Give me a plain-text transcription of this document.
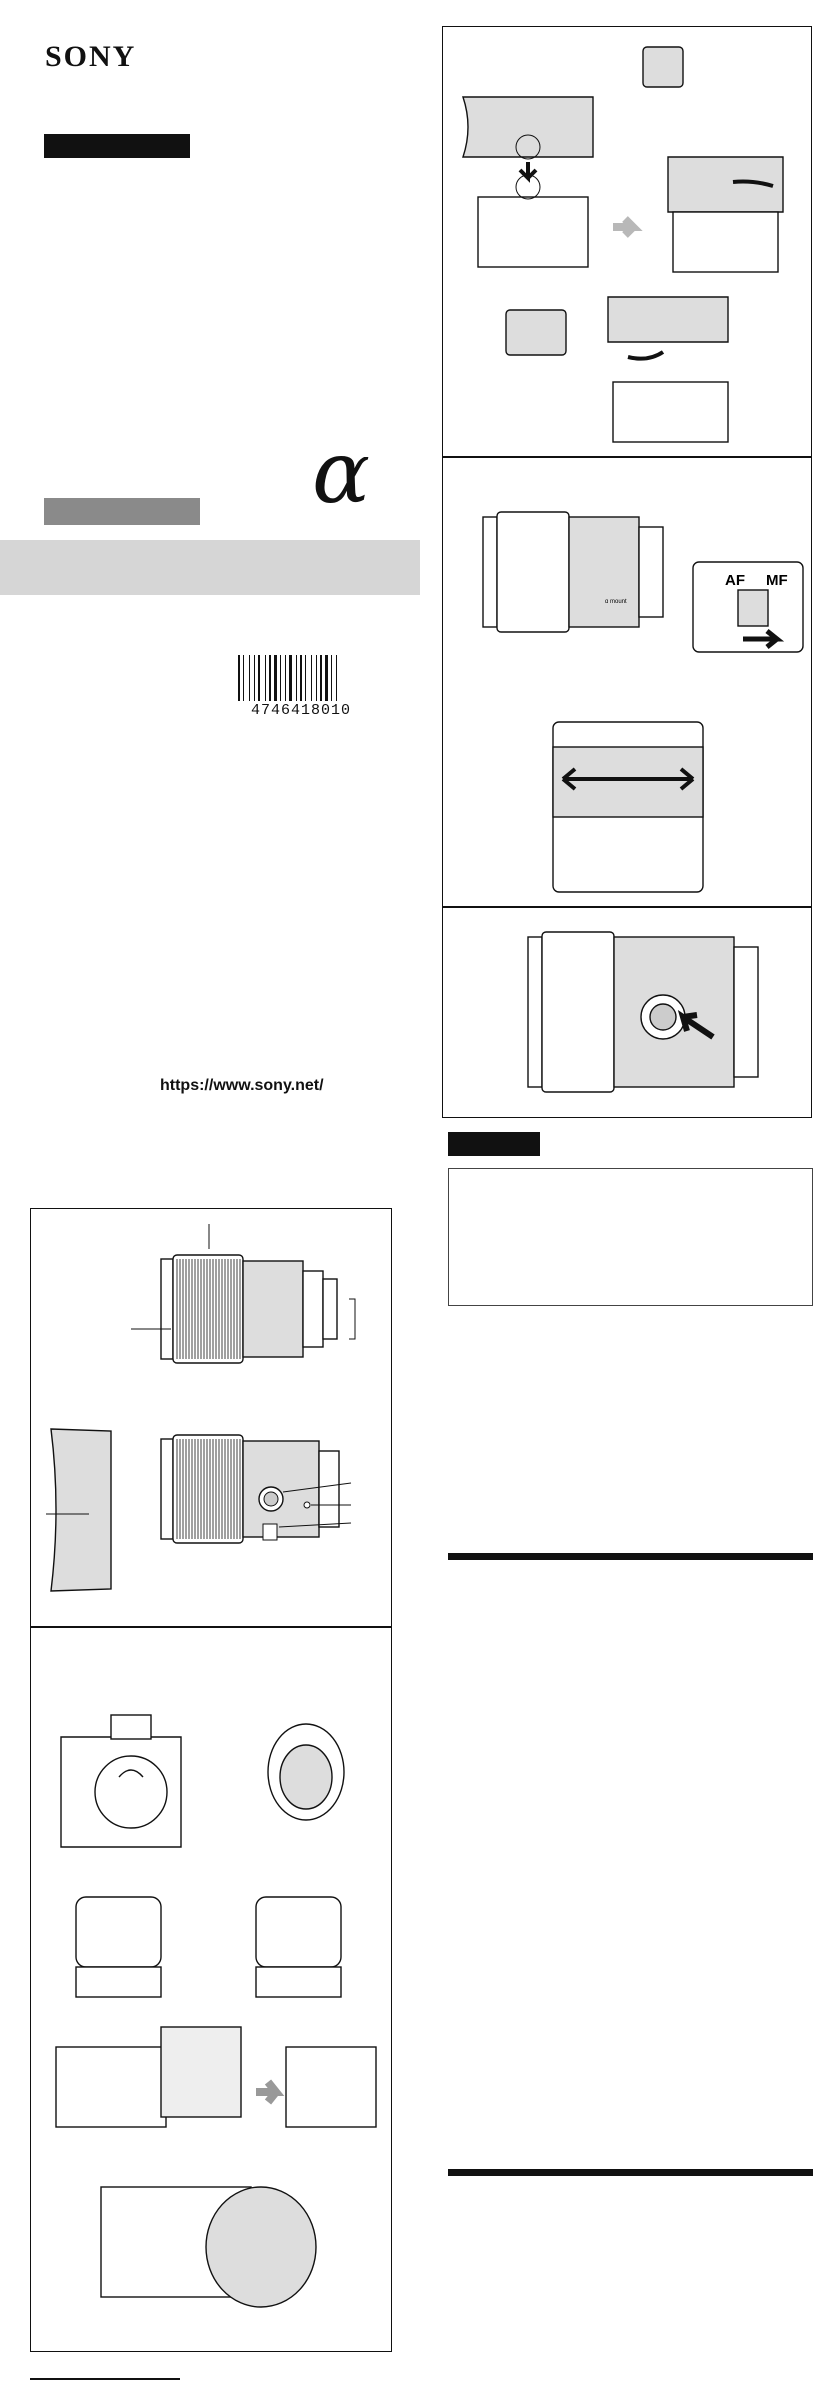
SONY
α
4746418010
https://www.sony.net/
AF MF
ɑ mount
